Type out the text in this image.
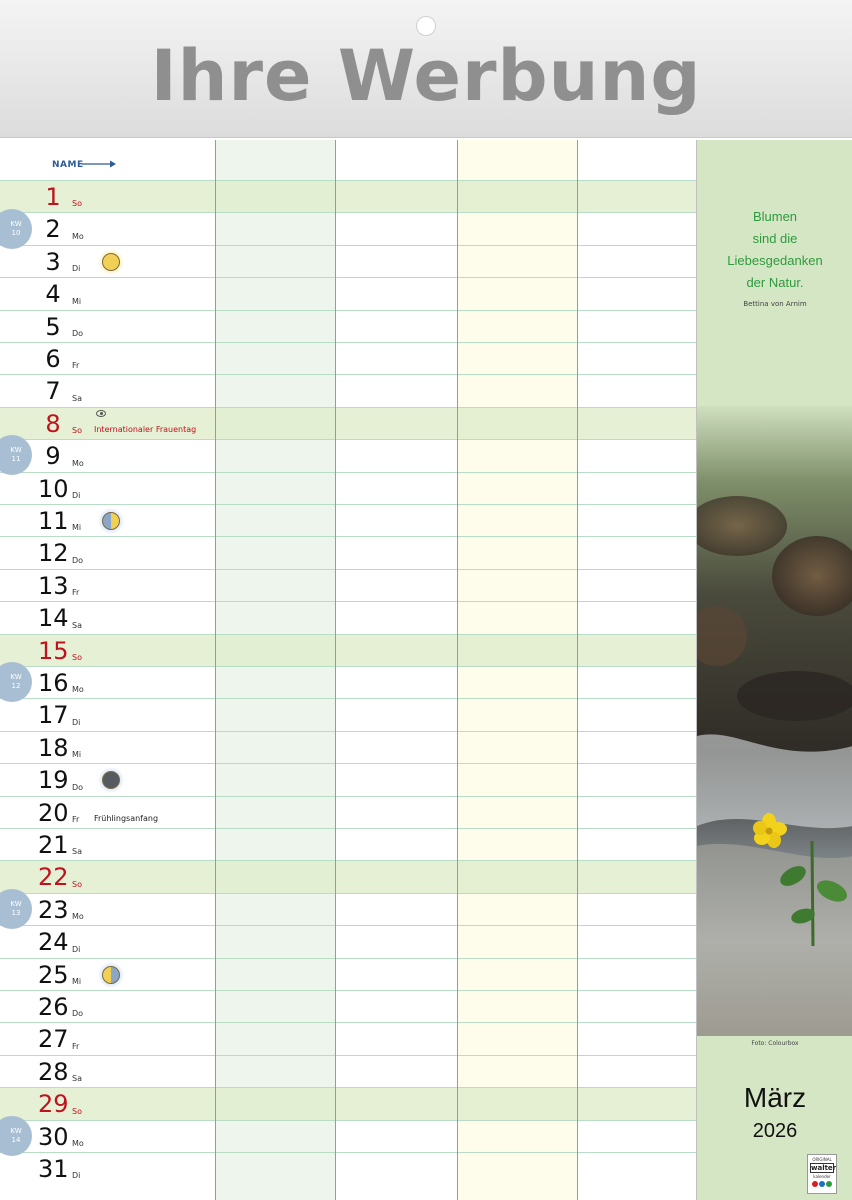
Ihre Werbung
NAME
1	So
2	Mo
3	Di
4	Mi
5	Do
6	Fr
7	Sa
8	So Internationaler Frauentag
9	Mo
10 Di
11 Mi
12 Do
13 Fr
14 Sa
15 So
16 Mo
17 Di
18 Mi
19 Do
20 Fr Frühlingsanfang
21 Sa
22 So
23 Mo
24 Di
25 Mi
26 Do
27 Fr
28 Sa
29 So
30 Mo
31 Di
KW
10
KW
11
KW
12
KW
13
KW
14
Blumen
sind die
Liebesgedanken
der Natur.
Bettina von Arnim
Foto: Colourbox
März
2026
ORIGINAL
walter
kalender
